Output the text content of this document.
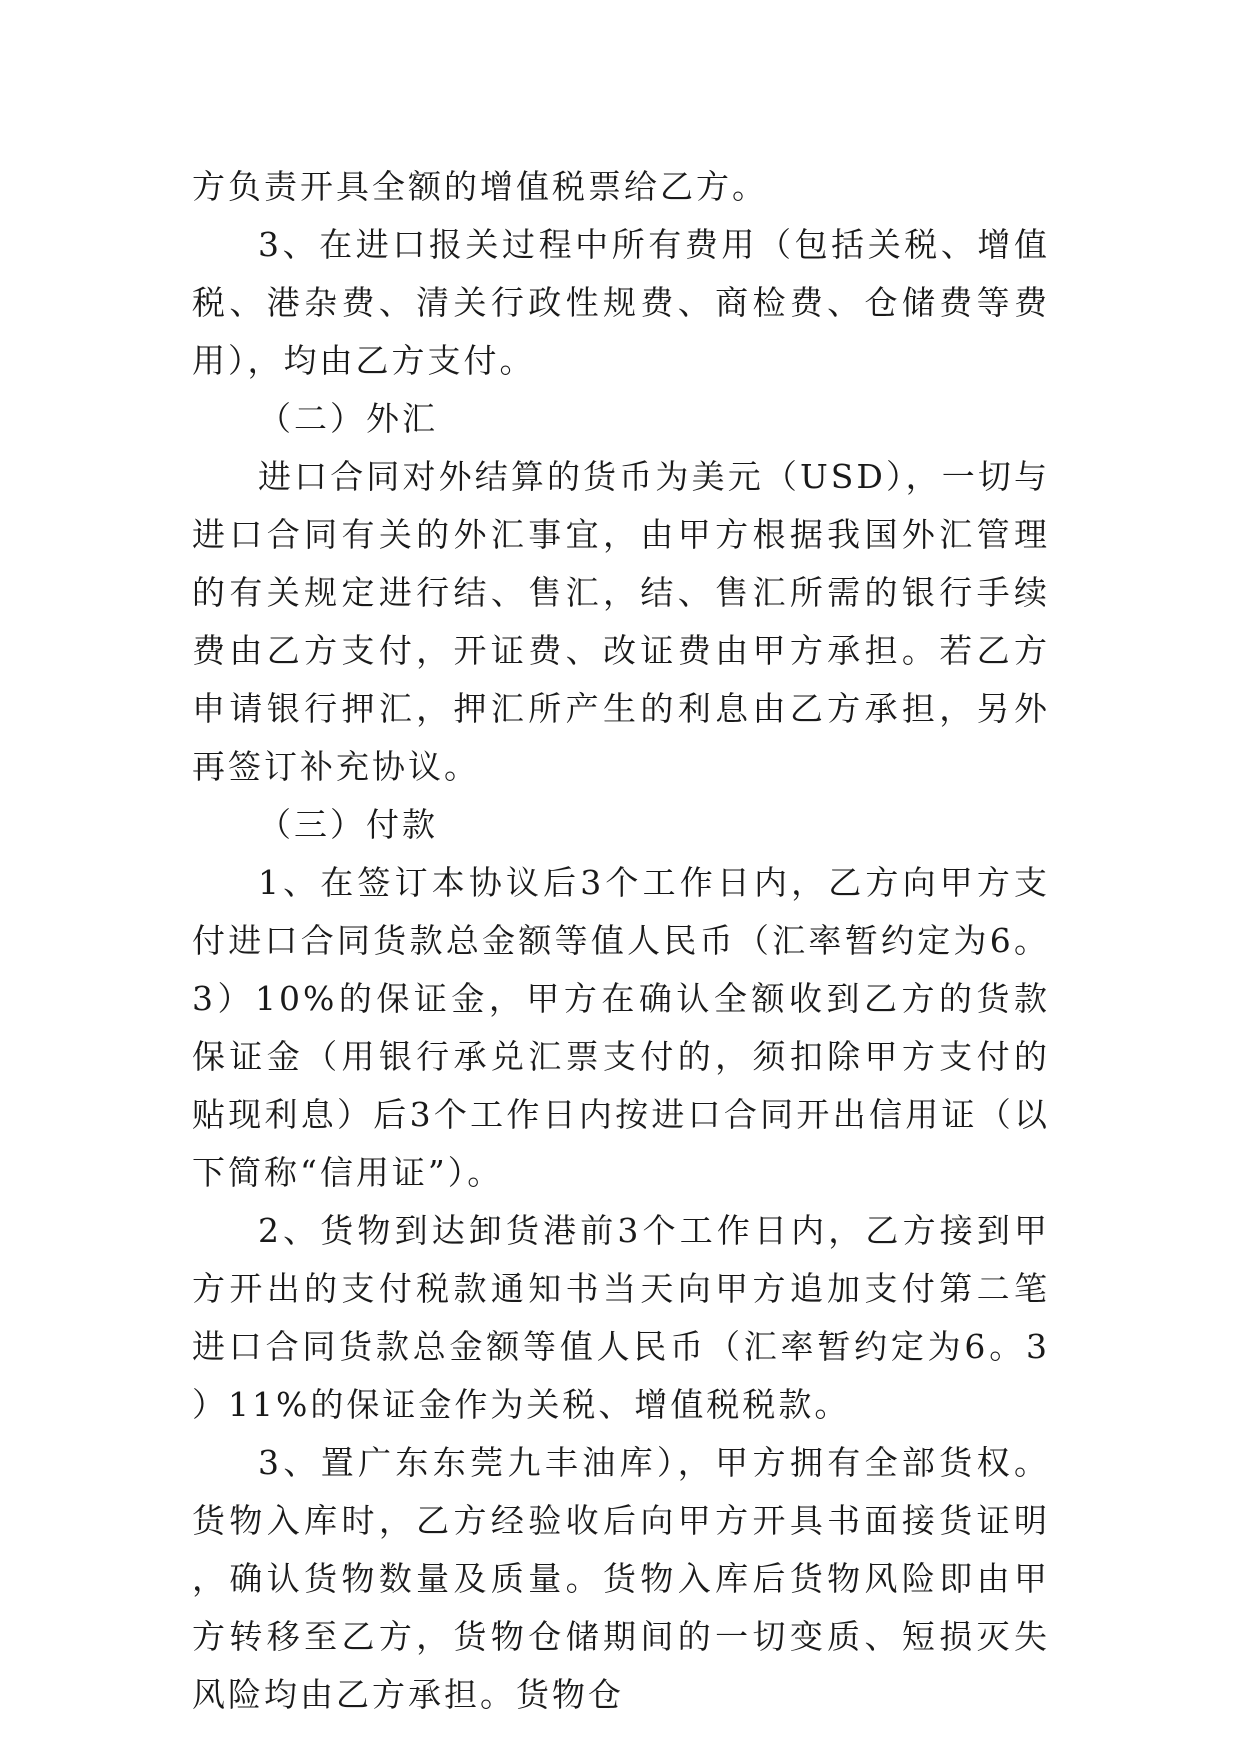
方负责开具全额的增值税票给乙方。

3、在进口报关过程中所有费用（包括关税、增值税、港杂费、清关行政性规费、商检费、仓储费等费用），均由乙方支付。

（二）外汇

进口合同对外结算的货币为美元（USD），一切与进口合同有关的外汇事宜，由甲方根据我国外汇管理的有关规定进行结、售汇，结、售汇所需的银行手续费由乙方支付，开证费、改证费由甲方承担。若乙方申请银行押汇，押汇所产生的利息由乙方承担，另外再签订补充协议。

（三）付款

1、在签订本协议后3个工作日内，乙方向甲方支付进口合同货款总金额等值人民币（汇率暂约定为6。3）10%的保证金，甲方在确认全额收到乙方的货款保证金（用银行承兑汇票支付的，须扣除甲方支付的贴现利息）后3个工作日内按进口合同开出信用证（以下简称“信用证”）。

2、货物到达卸货港前3个工作日内，乙方接到甲方开出的支付税款通知书当天向甲方追加支付第二笔进口合同货款总金额等值人民币（汇率暂约定为6。3）11%的保证金作为关税、增值税税款。

3、置广东东莞九丰油库），甲方拥有全部货权。货物入库时，乙方经验收后向甲方开具书面接货证明，确认货物数量及质量。货物入库后货物风险即由甲方转移至乙方，货物仓储期间的一切变质、短损灭失风险均由乙方承担。货物仓
